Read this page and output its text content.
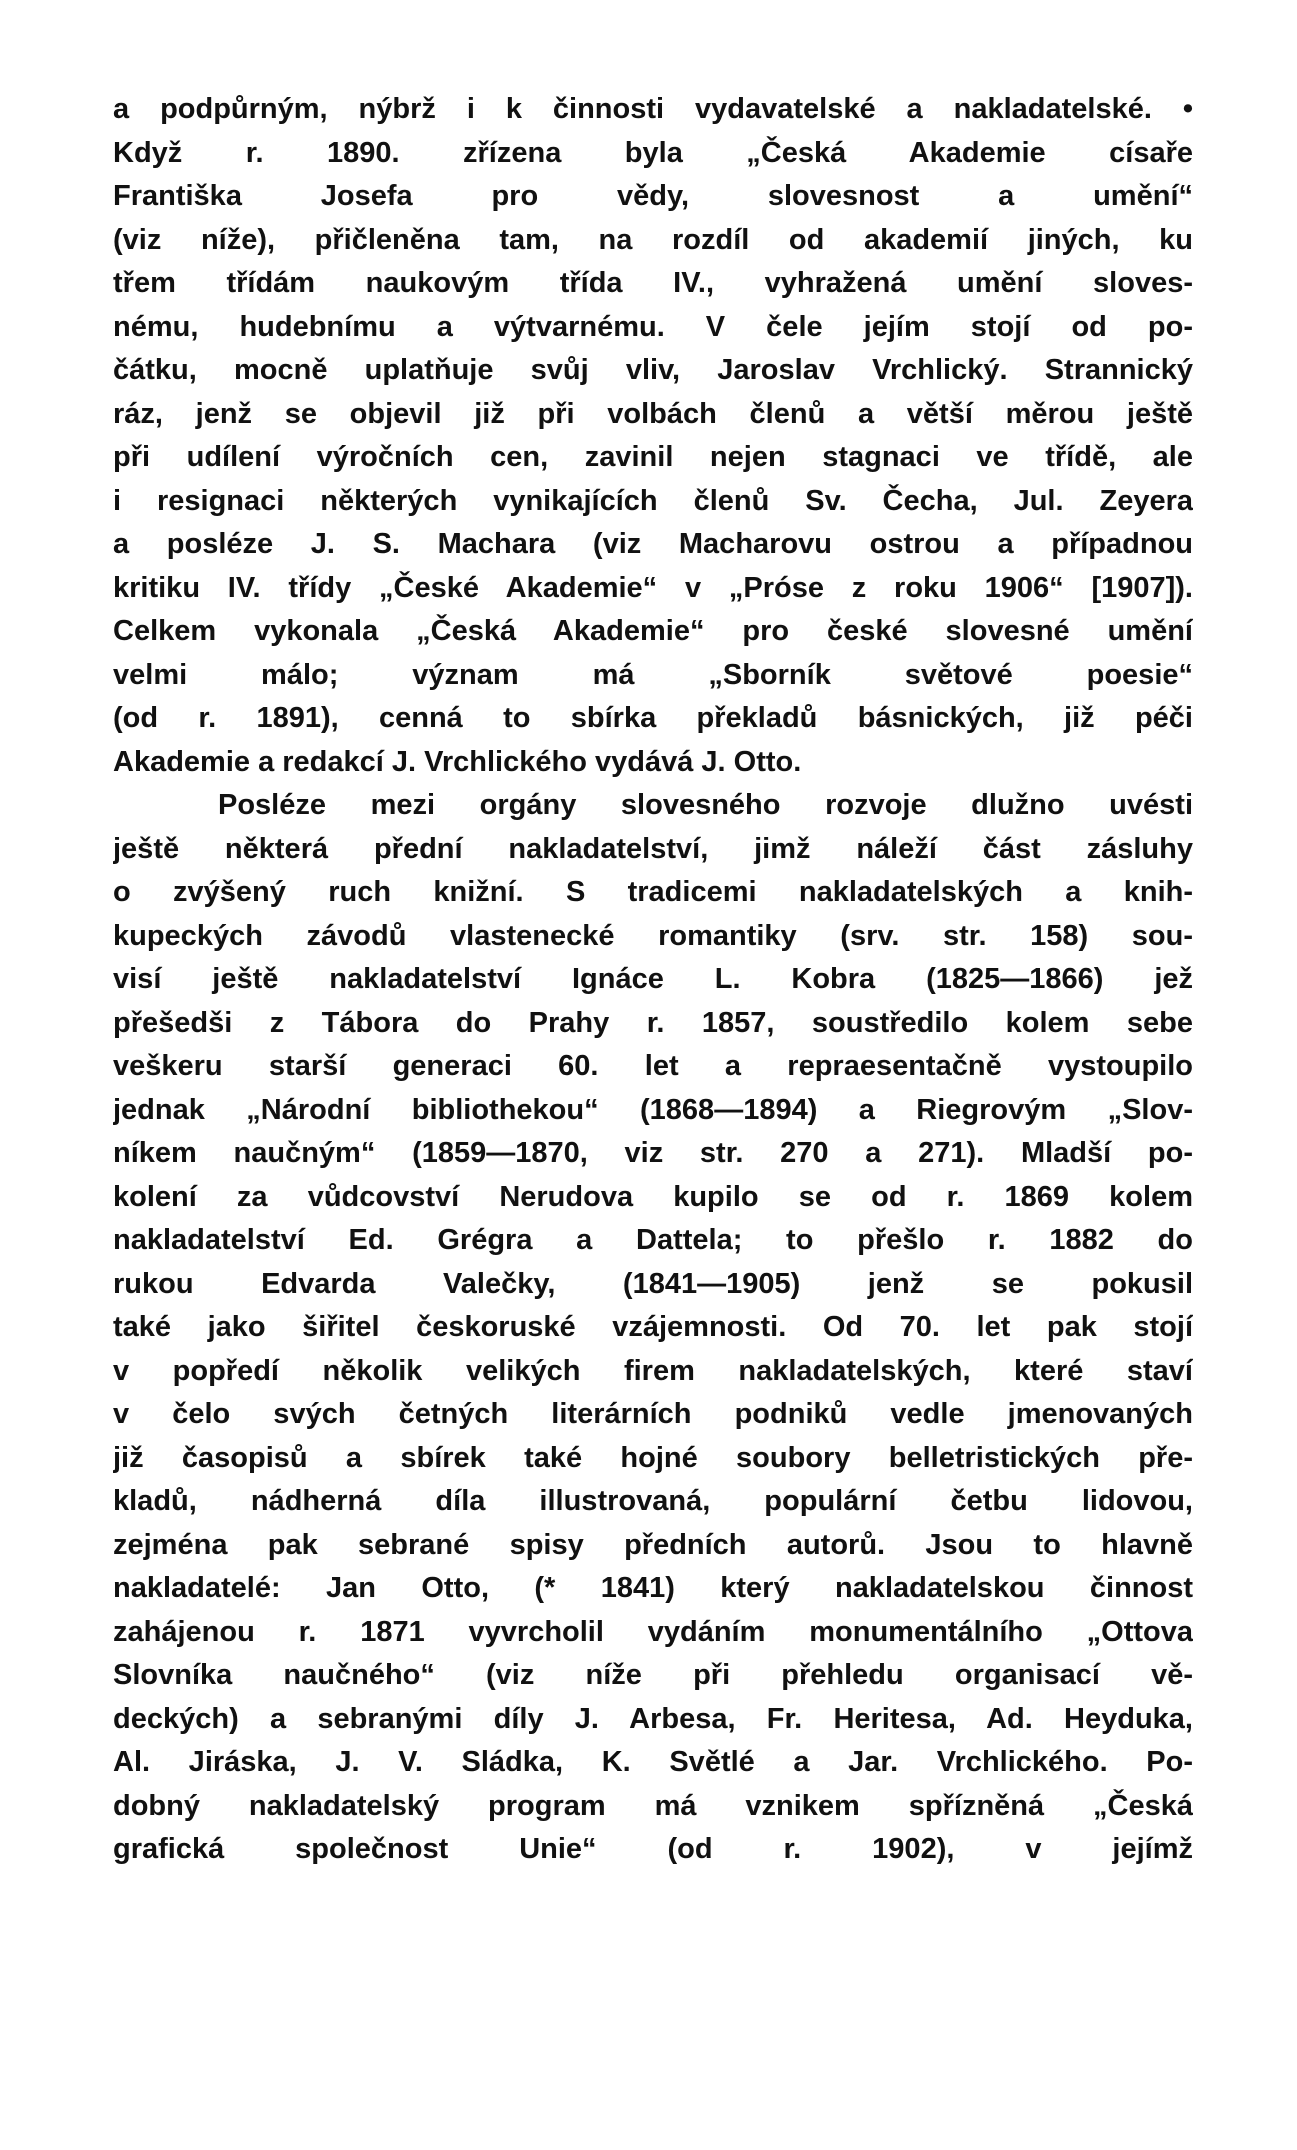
a podpůrným, nýbrž i k činnosti vydavatelské a nakladatelské. •
Když r. 1890. zřízena byla „Česká Akademie císaře
Františka Josefa pro vědy, slovesnost a umění“
(viz níže), přičleněna tam, na rozdíl od akademií jiných, ku
třem třídám naukovým třída IV., vyhražená umění sloves-
nému, hudebnímu a výtvarnému. V čele jejím stojí od po-
čátku, mocně uplatňuje svůj vliv, Jaroslav Vrchlický. Strannický
ráz, jenž se objevil již při volbách členů a větší měrou ještě
při udílení výročních cen, zavinil nejen stagnaci ve třídě, ale
i resignaci některých vynikajících členů Sv. Čecha, Jul. Zeyera
a posléze J. S. Machara (viz Macharovu ostrou a případnou
kritiku IV. třídy „České Akademie“ v „Próse z roku 1906“ [1907]).
Celkem vykonala „Česká Akademie“ pro české slovesné umění
velmi málo; význam má „Sborník světové poesie“
(od r. 1891), cenná to sbírka překladů básnických, již péči
Akademie a redakcí J. Vrchlického vydává J. Otto.
Posléze mezi orgány slovesného rozvoje dlužno uvésti
ještě některá přední nakladatelství, jimž náleží část zásluhy
o zvýšený ruch knižní. S tradicemi nakladatelských a knih-
kupeckých závodů vlastenecké romantiky (srv. str. 158) sou-
visí ještě nakladatelství Ignáce L. Kobra (1825—1866) jež
přešedši z Tábora do Prahy r. 1857, soustředilo kolem sebe
veškeru starší generaci 60. let a repraesentačně vystoupilo
jednak „Národní bibliothekou“ (1868—1894) a Riegrovým „Slov-
níkem naučným“ (1859—1870, viz str. 270 a 271). Mladší po-
kolení za vůdcovství Nerudova kupilo se od r. 1869 kolem
nakladatelství Ed. Grégra a Dattela; to přešlo r. 1882 do
rukou Edvarda Valečky, (1841—1905) jenž se pokusil
také jako šiřitel českoruské vzájemnosti. Od 70. let pak stojí
v popředí několik velikých firem nakladatelských, které staví
v čelo svých četných literárních podniků vedle jmenovaných
již časopisů a sbírek také hojné soubory belletristických pře-
kladů, nádherná díla illustrovaná, populární četbu lidovou,
zejména pak sebrané spisy předních autorů. Jsou to hlavně
nakladatelé: Jan Otto, (* 1841) který nakladatelskou činnost
zahájenou r. 1871 vyvrcholil vydáním monumentálního „Ottova
Slovníka naučného“ (viz níže při přehledu organisací vě-
deckých) a sebranými díly J. Arbesa, Fr. Heritesa, Ad. Heyduka,
Al. Jiráska, J. V. Sládka, K. Světlé a Jar. Vrchlického. Po-
dobný nakladatelský program má vznikem spřízněná „Česká
grafická společnost Unie“ (od r. 1902), v jejímž
